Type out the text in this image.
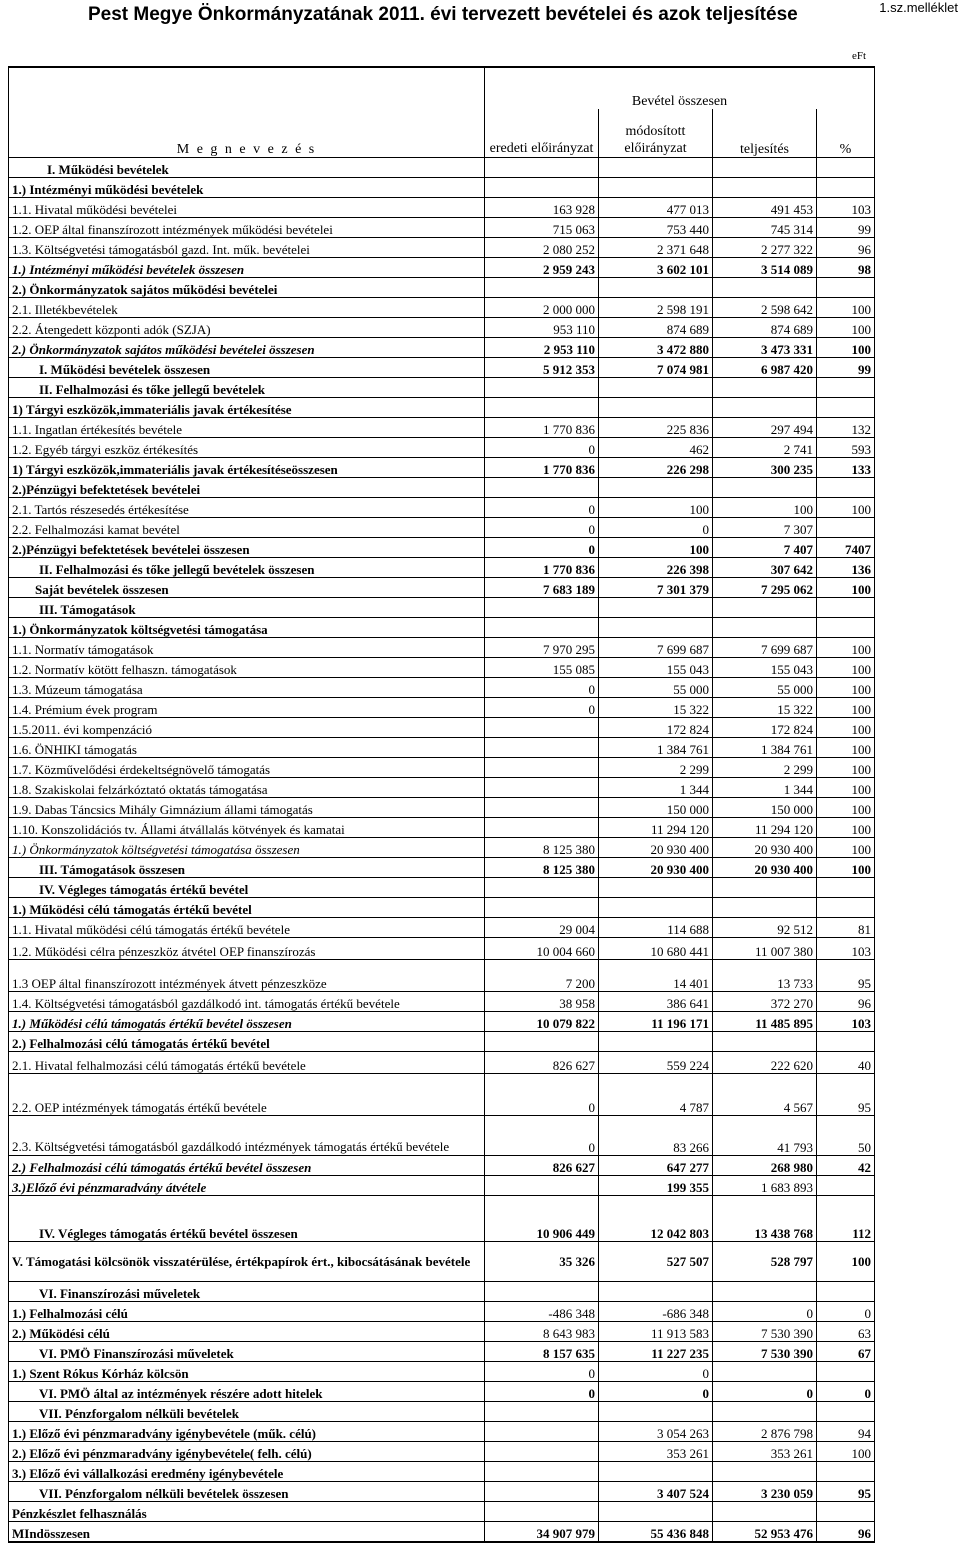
Pest Megye Önkormányzatának 2011. évi tervezett bevételei és azok teljesítése	1.sz.melléklet
eFt
M e g n e v e z é s	Bevétel összesen			

	eredeti előirányzat	módosított előirányzat	teljesítés	%
I. Működési bevételek				
1.) Intézményi működési bevételek				
1.1. Hivatal működési bevételei	163 928	477 013	491 453	103
1.2. OEP által finanszírozott intézmények működési bevételei	715 063	753 440	745 314	99
1.3. Költségvetési támogatásból gazd. Int. műk. bevételei	2 080 252	2 371 648	2 277 322	96
1.) Intézményi működési bevételek összesen	2 959 243	3 602 101	3 514 089	98
2.) Önkormányzatok sajátos működési bevételei				
2.1. Illetékbevételek	2 000 000	2 598 191	2 598 642	100
2.2. Átengedett központi adók (SZJA)	953 110	874 689	874 689	100
2.) Önkormányzatok sajátos működési bevételei összesen	2 953 110	3 472 880	3 473 331	100
I. Működési bevételek összesen	5 912 353	7 074 981	6 987 420	99
II. Felhalmozási és tőke jellegű bevételek				
1) Tárgyi eszközök,immateriális javak értékesítése				
1.1. Ingatlan értékesítés bevétele	1 770 836	225 836	297 494	132
1.2. Egyéb tárgyi eszköz értékesítés	0	462	2 741	593
1) Tárgyi eszközök,immateriális javak értékesítéseösszesen	1 770 836	226 298	300 235	133
2.)Pénzügyi befektetések bevételei				
2.1. Tartós részesedés értékesítése	0	100	100	100
2.2. Felhalmozási kamat bevétel	0	0	7 307	
2.)Pénzügyi befektetések bevételei összesen	0	100	7 407	7407
II. Felhalmozási és tőke jellegű bevételek összesen	1 770 836	226 398	307 642	136
Saját bevételek összesen	7 683 189	7 301 379	7 295 062	100
III. Támogatások				
1.) Önkormányzatok költségvetési támogatása				
1.1. Normatív támogatások	7 970 295	7 699 687	7 699 687	100
1.2. Normatív kötött felhaszn. támogatások	155 085	155 043	155 043	100
1.3. Múzeum támogatása	0	55 000	55 000	100
1.4. Prémium évek program	0	15 322	15 322	100
1.5.2011. évi kompenzáció		172 824	172 824	100
1.6. ÖNHIKI támogatás		1 384 761	1 384 761	100
1.7. Közművelődési érdekeltségnövelő támogatás		2 299	2 299	100
1.8. Szakiskolai felzárkóztató oktatás támogatása		1 344	1 344	100
1.9. Dabas Táncsics Mihály Gimnázium állami támogatás		150 000	150 000	100
1.10. Konszolidációs tv. Állami átvállalás kötvények és kamatai		11 294 120	11 294 120	100
1.) Önkormányzatok költségvetési támogatása összesen	8 125 380	20 930 400	20 930 400	100
III. Támogatások összesen	8 125 380	20 930 400	20 930 400	100
IV. Végleges támogatás értékű bevétel				
1.) Működési célú támogatás értékű bevétel				
1.1. Hivatal működési célú támogatás értékű bevétele	29 004	114 688	92 512	81
1.2. Működési célra pénzeszköz átvétel OEP finanszírozás	10 004 660	10 680 441	11 007 380	103
1.3 OEP által finanszírozott intézmények átvett pénzeszköze	7 200	14 401	13 733	95
1.4. Költségvetési támogatásból gazdálkodó int. támogatás értékű bevétele	38 958	386 641	372 270	96
1.) Működési célú támogatás értékű bevétel összesen	10 079 822	11 196 171	11 485 895	103
2.) Felhalmozási célú támogatás értékű bevétel				
2.1. Hivatal felhalmozási célú támogatás értékű bevétele	826 627	559 224	222 620	40
2.2. OEP intézmények támogatás értékű bevétele	0	4 787	4 567	95
2.3. Költségvetési támogatásból gazdálkodó intézmények támogatás értékű bevétele	0	83 266	41 793	50
2.) Felhalmozási célú támogatás értékű bevétel összesen	826 627	647 277	268 980	42
3.)Előző évi pénzmaradvány átvétele		199 355	1 683 893	
IV. Végleges támogatás értékű bevétel összesen	10 906 449	12 042 803	13 438 768	112
V. Támogatási kölcsönök visszatérülése, értékpapírok ért., kibocsátásának bevétele	35 326	527 507	528 797	100
VI. Finanszírozási műveletek				
1.) Felhalmozási célú	-486 348	-686 348	0	0
2.) Működési célú	8 643 983	11 913 583	7 530 390	63
VI. PMÖ Finanszírozási műveletek	8 157 635	11 227 235	7 530 390	67
1.) Szent Rókus Kórház kölcsön	0	0		
VI. PMÖ által az intézmények részére adott hitelek	0	0	0	0
VII. Pénzforgalom nélküli bevételek				
1.) Előző évi pénzmaradvány igénybevétele (műk. célú)		3 054 263	2 876 798	94
2.) Előző évi pénzmaradvány igénybevétele( felh. célú)		353 261	353 261	100
3.) Előző évi vállalkozási eredmény igénybevétele				
VII. Pénzforgalom nélküli bevételek összesen		3 407 524	3 230 059	95
Pénzkészlet felhasználás				
MIndösszesen	34 907 979	55 436 848	52 953 476	96
